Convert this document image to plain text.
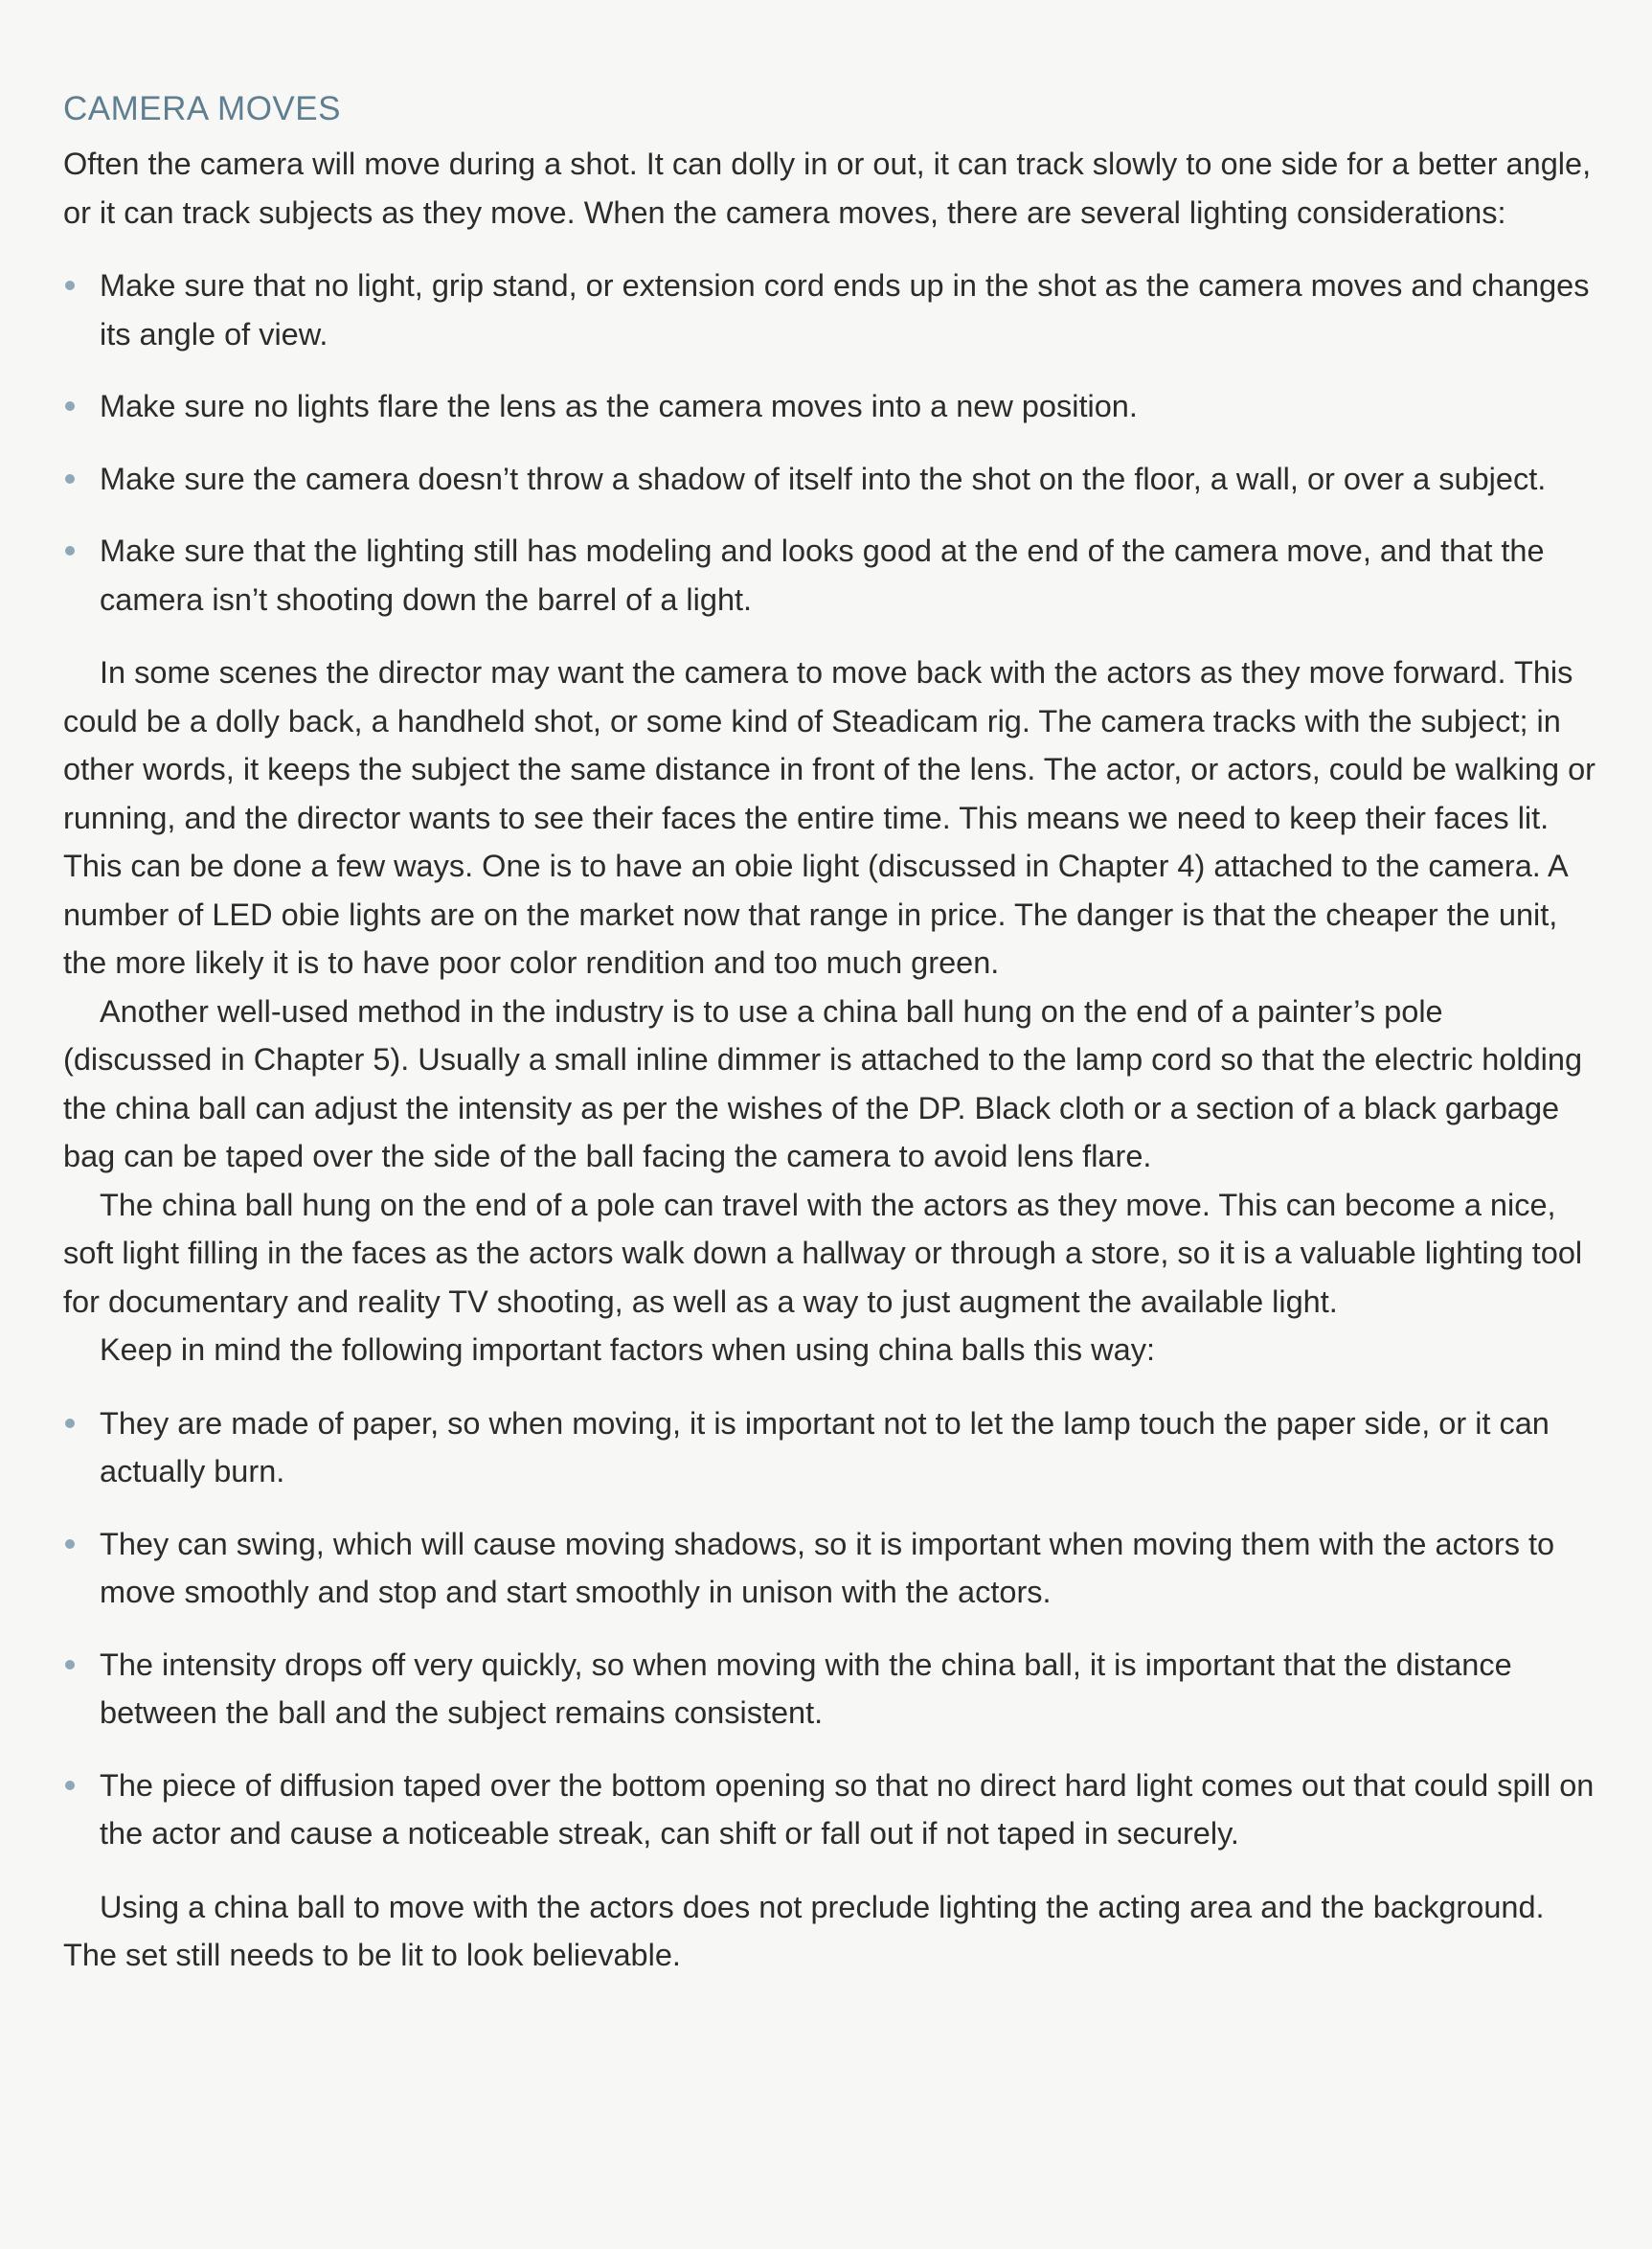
CAMERA MOVES

Often the camera will move during a shot. It can dolly in or out, it can track slowly to one side for a better angle, or it can track subjects as they move. When the camera moves, there are several lighting considerations:

Make sure that no light, grip stand, or extension cord ends up in the shot as the camera moves and changes its angle of view.
Make sure no lights flare the lens as the camera moves into a new position.
Make sure the camera doesn’t throw a shadow of itself into the shot on the floor, a wall, or over a subject.
Make sure that the lighting still has modeling and looks good at the end of the camera move, and that the camera isn’t shooting down the barrel of a light.

In some scenes the director may want the camera to move back with the actors as they move forward. This could be a dolly back, a handheld shot, or some kind of Steadicam rig. The camera tracks with the subject; in other words, it keeps the subject the same distance in front of the lens. The actor, or actors, could be walking or running, and the director wants to see their faces the entire time. This means we need to keep their faces lit. This can be done a few ways. One is to have an obie light (discussed in Chapter 4) attached to the camera. A number of LED obie lights are on the market now that range in price. The danger is that the cheaper the unit, the more likely it is to have poor color rendition and too much green.

Another well-used method in the industry is to use a china ball hung on the end of a painter’s pole (discussed in Chapter 5). Usually a small inline dimmer is attached to the lamp cord so that the electric holding the china ball can adjust the intensity as per the wishes of the DP. Black cloth or a section of a black garbage bag can be taped over the side of the ball facing the camera to avoid lens flare.

The china ball hung on the end of a pole can travel with the actors as they move. This can become a nice, soft light filling in the faces as the actors walk down a hallway or through a store, so it is a valuable lighting tool for documentary and reality TV shooting, as well as a way to just augment the available light.

Keep in mind the following important factors when using china balls this way:

They are made of paper, so when moving, it is important not to let the lamp touch the paper side, or it can actually burn.
They can swing, which will cause moving shadows, so it is important when moving them with the actors to move smoothly and stop and start smoothly in unison with the actors.
The intensity drops off very quickly, so when moving with the china ball, it is important that the distance between the ball and the subject remains consistent.
The piece of diffusion taped over the bottom opening so that no direct hard light comes out that could spill on the actor and cause a noticeable streak, can shift or fall out if not taped in securely.

Using a china ball to move with the actors does not preclude lighting the acting area and the background. The set still needs to be lit to look believable.
